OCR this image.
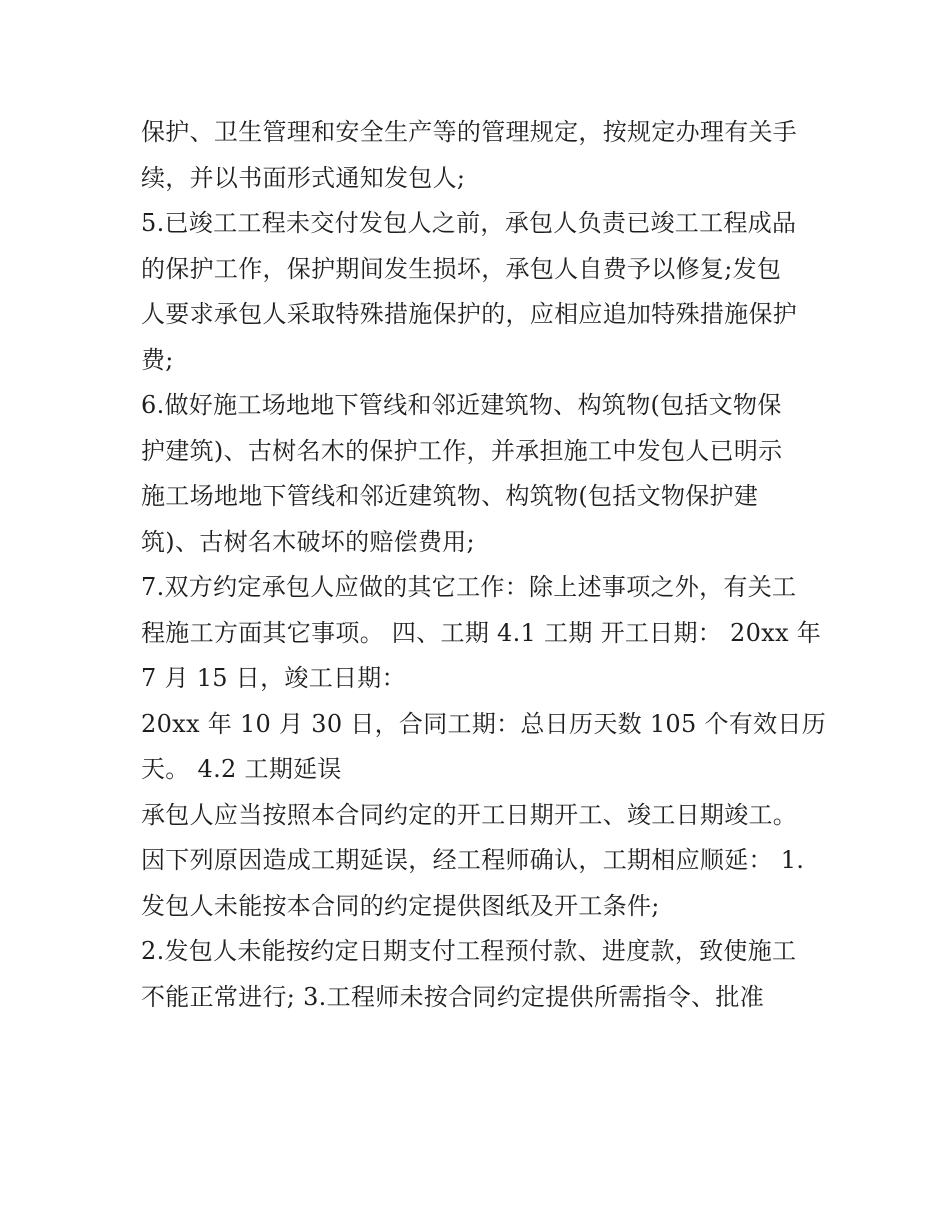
保护、卫生管理和安全生产等的管理规定，按规定办理有关手
续，并以书面形式通知发包人;
5.已竣工工程未交付发包人之前，承包人负责已竣工工程成品
的保护工作，保护期间发生损坏，承包人自费予以修复;发包
人要求承包人采取特殊措施保护的，应相应追加特殊措施保护
费;
6.做好施工场地地下管线和邻近建筑物、构筑物(包括文物保
护建筑)、古树名木的保护工作，并承担施工中发包人已明示
施工场地地下管线和邻近建筑物、构筑物(包括文物保护建
筑)、古树名木破坏的赔偿费用;
7.双方约定承包人应做的其它工作：除上述事项之外，有关工
程施工方面其它事项。 四、工期 4.1 工期 开工日期： 20xx 年
7 月 15 日，竣工日期：
20xx 年 10 月 30 日，合同工期：总日历天数 105 个有效日历
天。 4.2 工期延误
承包人应当按照本合同约定的开工日期开工、竣工日期竣工。
因下列原因造成工期延误，经工程师确认，工期相应顺延： 1.
发包人未能按本合同的约定提供图纸及开工条件;
2.发包人未能按约定日期支付工程预付款、进度款，致使施工
不能正常进行; 3.工程师未按合同约定提供所需指令、批准
